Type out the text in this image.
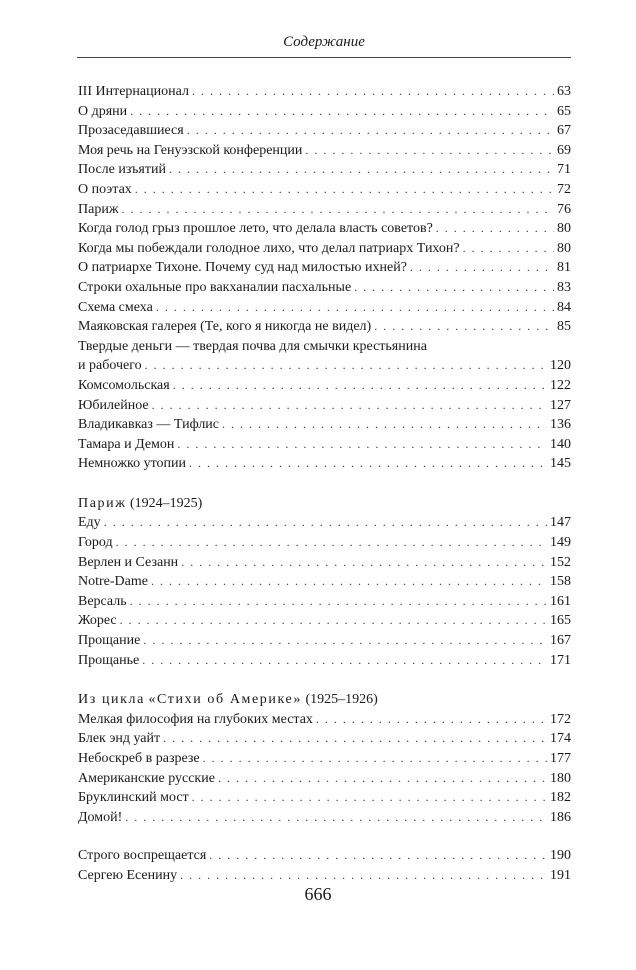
Содержание
III Интернационал . . .	63
О дряни . . .	65
Прозаседавшиеся . . .	67
Моя речь на Генуэзской конференции . . .	69
После изъятий . . .	71
О поэтах . . .	72
Париж . . .	76
Когда голод грыз прошлое лето, что делала власть советов? . . .	80
Когда мы побеждали голодное лихо, что делал патриарх Тихон? . . .	80
О патриархе Тихоне. Почему суд над милостью ихней? . . .	81
Строки охальные про вакханалии пасхальные . . .	83
Схема смеха . . .	84
Маяковская галерея (Те, кого я никогда не видел) . . .	85
Твердые деньги — твердая почва для смычки крестьянина
и рабочего . . .	120
Комсомольская . . .	122
Юбилейное . . .	127
Владикавказ — Тифлис . . .	136
Тамара и Демон . . .	140
Немножко утопии . . .	145
Париж (1924–1925)
Еду . . .	147
Город . . .	149
Верлен и Сезанн . . .	152
Notre-Dame . . .	158
Версаль . . .	161
Жорес . . .	165
Прощание . . .	167
Прощанье . . .	171
Из цикла «Стихи об Америке» (1925–1926)
Мелкая философия на глубоких местах . . .	172
Блек энд уайт . . .	174
Небоскреб в разрезе . . .	177
Американские русские . . .	180
Бруклинский мост . . .	182
Домой! . . .	186
Строго воспрещается . . .	190
Сергею Есенину . . .	191
666
